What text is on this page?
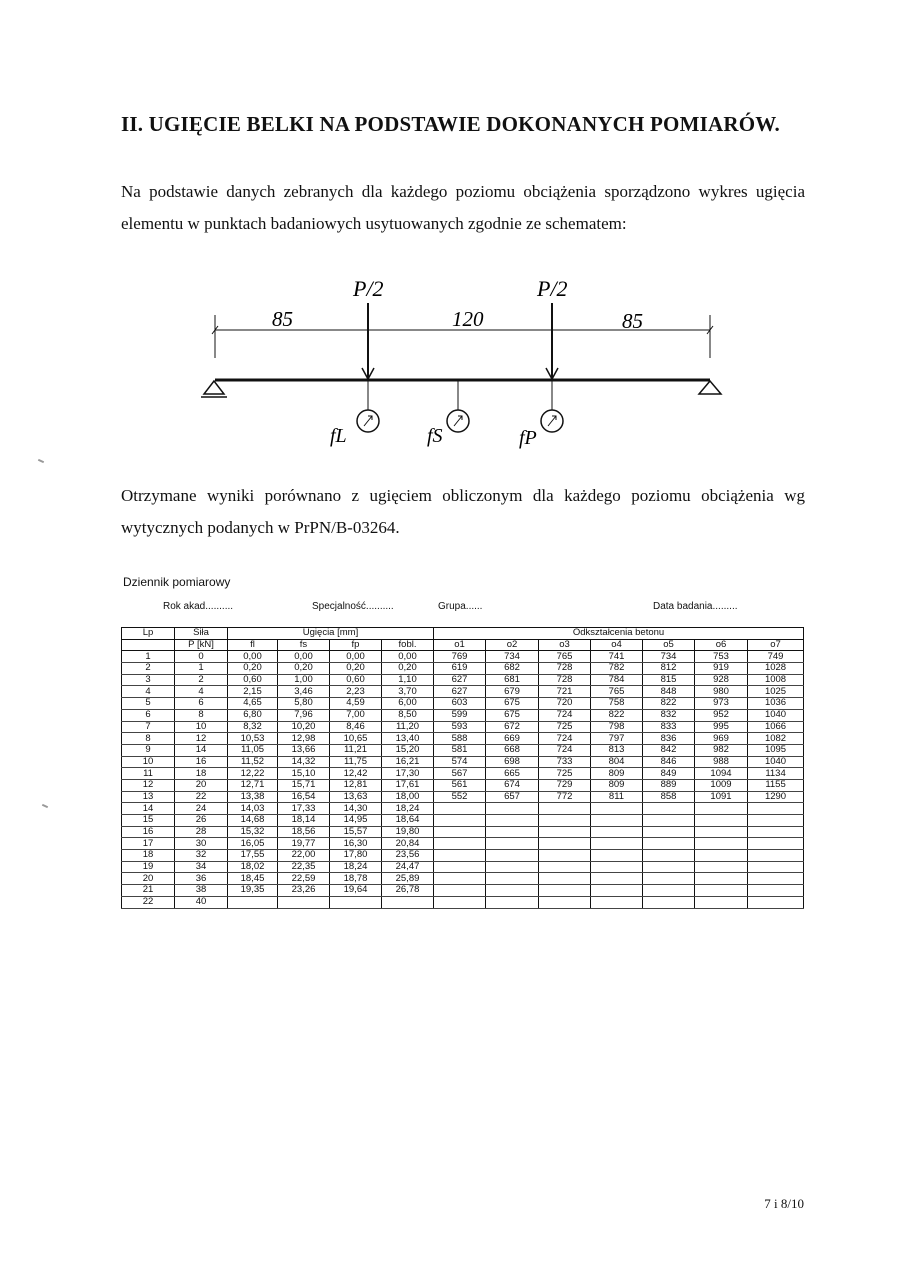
II. UGIĘCIE BELKI NA PODSTAWIE DOKONANYCH POMIARÓW.
Na podstawie danych zebranych dla każdego poziomu obciążenia sporządzono wykres ugięcia elementu w punktach badaniowych usytuowanych zgodnie ze schematem:
P/2	P/2
85	120	85
fL	fS	fP
Otrzymane wyniki porównano z ugięciem obliczonym dla każdego poziomu obciążenia wg wytycznych podanych w PrPN/B-03264.
Dziennik pomiarowy
Rok akad..........	Specjalność..........	Grupa......	Data badania.........
Lp	Siła	Ugięcia [mm]				Odkształcenia betonu						
	P [kN]	fl	fs	fp	fobl.	o1	o2	o3	o4	o5	o6	o7
1	0	0,00	0,00	0,00	0,00	769	734	765	741	734	753	749
2	1	0,20	0,20	0,20	0,20	619	682	728	782	812	919	1028
3	2	0,60	1,00	0,60	1,10	627	681	728	784	815	928	1008
4	4	2,15	3,46	2,23	3,70	627	679	721	765	848	980	1025
5	6	4,65	5,80	4,59	6,00	603	675	720	758	822	973	1036
6	8	6,80	7,96	7,00	8,50	599	675	724	822	832	952	1040
7	10	8,32	10,20	8,46	11,20	593	672	725	798	833	995	1066
8	12	10,53	12,98	10,65	13,40	588	669	724	797	836	969	1082
9	14	11,05	13,66	11,21	15,20	581	668	724	813	842	982	1095
10	16	11,52	14,32	11,75	16,21	574	698	733	804	846	988	1040
11	18	12,22	15,10	12,42	17,30	567	665	725	809	849	1094	1134
12	20	12,71	15,71	12,81	17,61	561	674	729	809	889	1009	1155
13	22	13,38	16,54	13,63	18,00	552	657	772	811	858	1091	1290
14	24	14,03	17,33	14,30	18,24							
15	26	14,68	18,14	14,95	18,64							
16	28	15,32	18,56	15,57	19,80							
17	30	16,05	19,77	16,30	20,84							
18	32	17,55	22,00	17,80	23,56							
19	34	18,02	22,35	18,24	24,47							
20	36	18,45	22,59	18,78	25,89							
21	38	19,35	23,26	19,64	26,78							
22	40											
7 i 8/10
